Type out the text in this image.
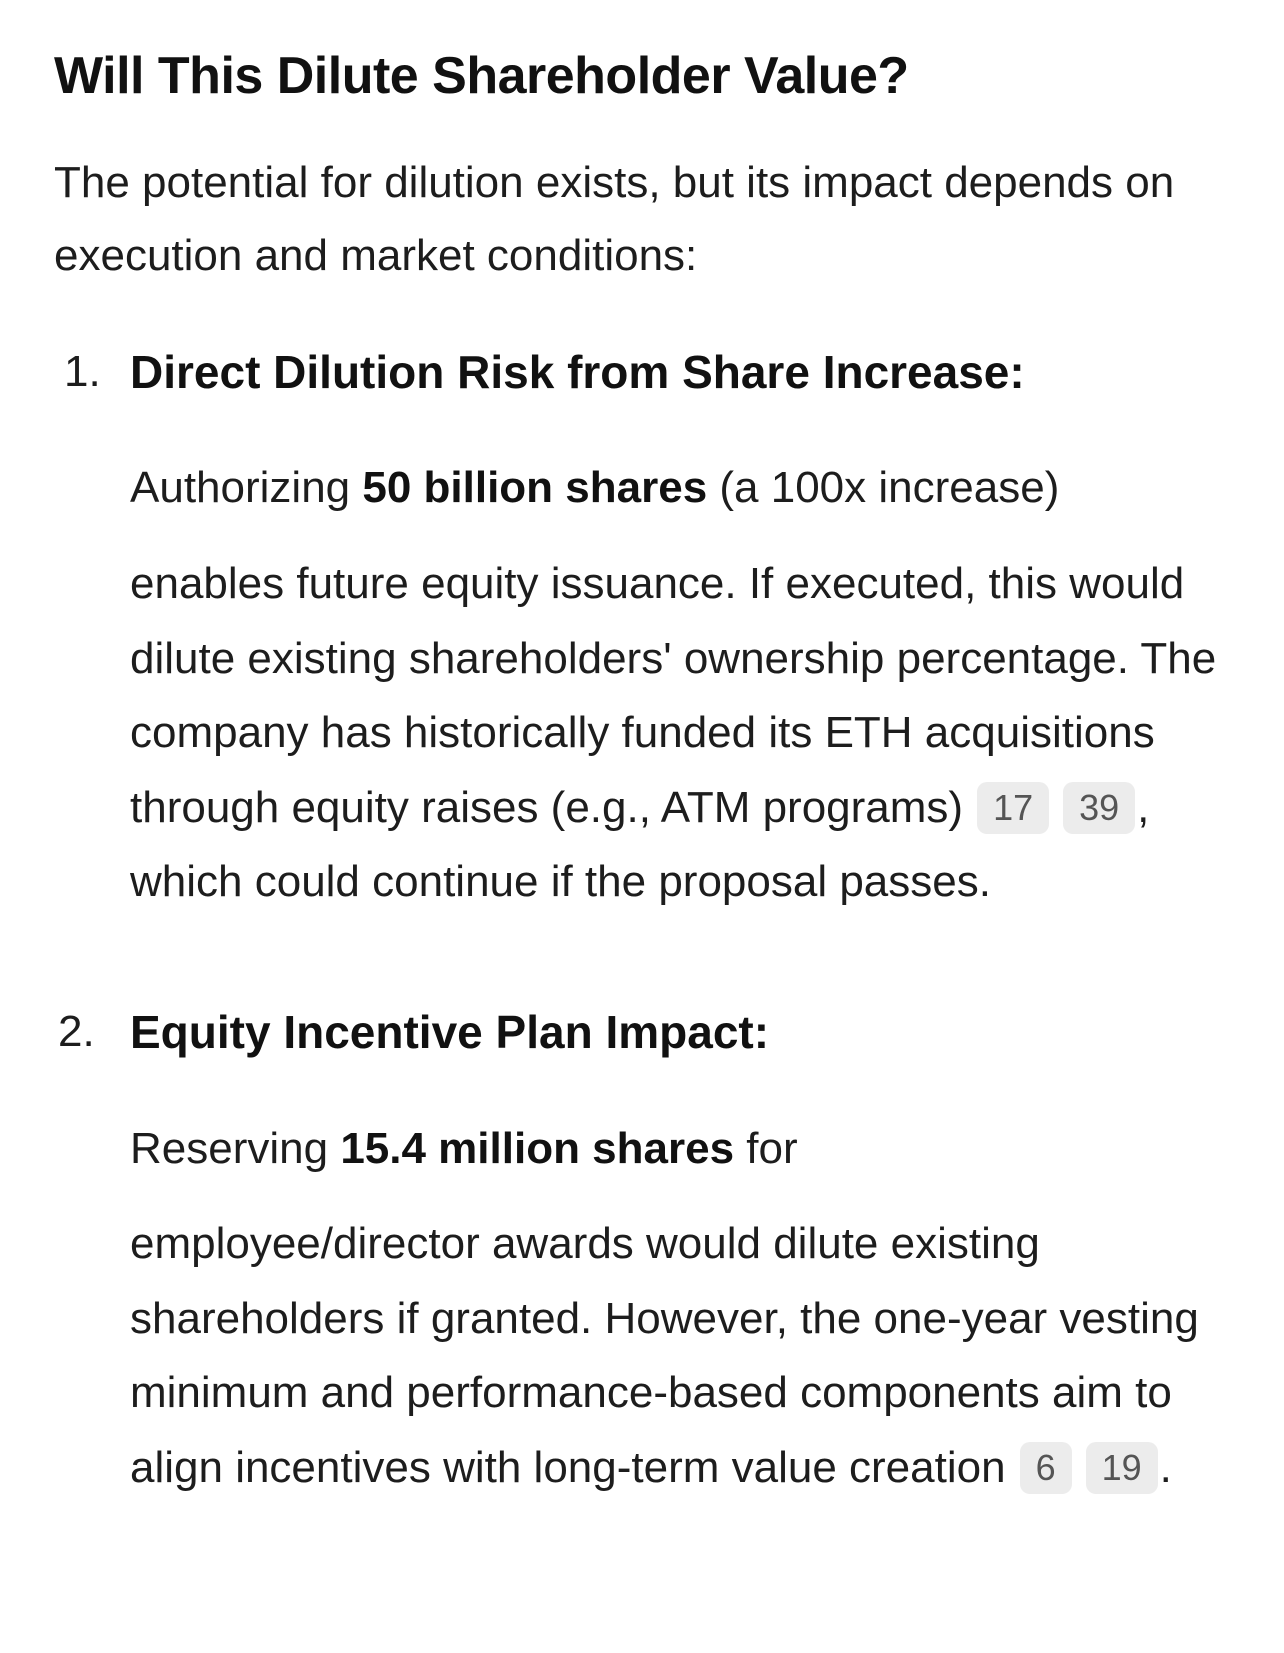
Will This Dilute Shareholder Value?

The potential for dilution exists, but its impact depends on execution and market conditions:

1. Direct Dilution Risk from Share Increase:

Authorizing 50 billion shares (a 100x increase)

enables future equity issuance. If executed, this would dilute existing shareholders' ownership percentage. The company has historically funded its ETH acquisitions through equity raises (e.g., ATM programs) 17 39 , which could continue if the proposal passes.

2. Equity Incentive Plan Impact:

Reserving 15.4 million shares for

employee/director awards would dilute existing shareholders if granted. However, the one-year vesting minimum and performance-based components aim to align incentives with long-term value creation 6 19 .
